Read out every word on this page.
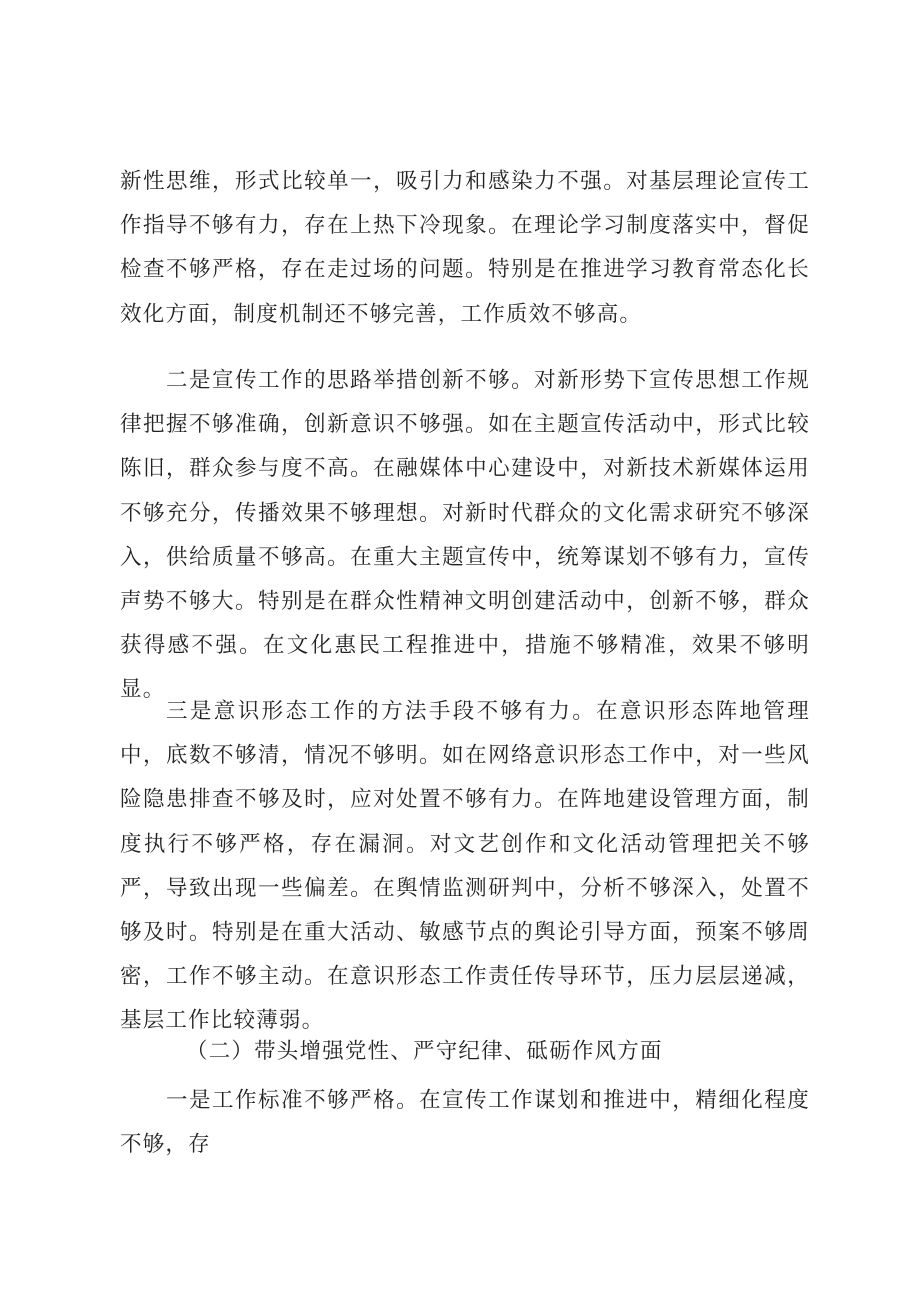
新性思维，形式比较单一，吸引力和感染力不强。对基层理论宣传工作指导不够有力，存在上热下冷现象。在理论学习制度落实中，督促检查不够严格，存在走过场的问题。特别是在推进学习教育常态化长效化方面，制度机制还不够完善，工作质效不够高。

二是宣传工作的思路举措创新不够。对新形势下宣传思想工作规律把握不够准确，创新意识不够强。如在主题宣传活动中，形式比较陈旧，群众参与度不高。在融媒体中心建设中，对新技术新媒体运用不够充分，传播效果不够理想。对新时代群众的文化需求研究不够深入，供给质量不够高。在重大主题宣传中，统筹谋划不够有力，宣传声势不够大。特别是在群众性精神文明创建活动中，创新不够，群众获得感不强。在文化惠民工程推进中，措施不够精准，效果不够明显。

三是意识形态工作的方法手段不够有力。在意识形态阵地管理中，底数不够清，情况不够明。如在网络意识形态工作中，对一些风险隐患排查不够及时，应对处置不够有力。在阵地建设管理方面，制度执行不够严格，存在漏洞。对文艺创作和文化活动管理把关不够严，导致出现一些偏差。在舆情监测研判中，分析不够深入，处置不够及时。特别是在重大活动、敏感节点的舆论引导方面，预案不够周密，工作不够主动。在意识形态工作责任传导环节，压力层层递减，基层工作比较薄弱。

（二）带头增强党性、严守纪律、砥砺作风方面

一是工作标准不够严格。在宣传工作谋划和推进中，精细化程度不够，存
